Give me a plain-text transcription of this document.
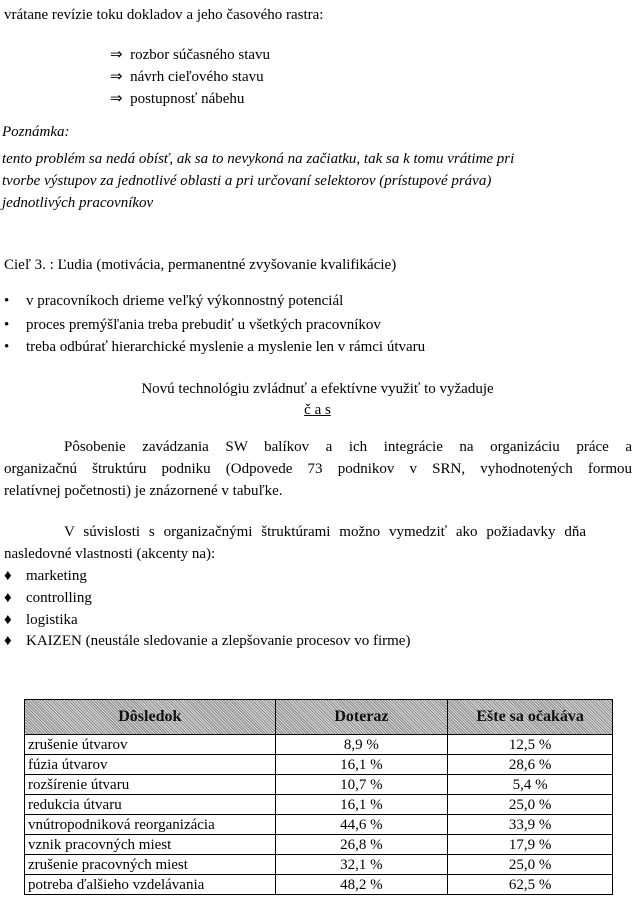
vrátane revízie toku dokladov a jeho časového rastra:
⇒ rozbor súčasného stavu
⇒ návrh cieľového stavu
⇒ postupnosť nábehu
Poznámka:
tento problém sa nedá obísť, ak sa to nevykoná na začiatku, tak sa k tomu vrátime pri
tvorbe výstupov za jednotlivé oblasti a pri určovaní selektorov (prístupové práva)
jednotlivých pracovníkov
Cieľ 3. : Ľudia (motivácia, permanentné zvyšovanie kvalifikácie)
• v pracovníkoch drieme veľký výkonnostný potenciál
• proces premýšľania treba prebudiť u všetkých pracovníkov
• treba odbúrať hierarchické myslenie a myslenie len v rámci útvaru
Novú technológiu zvládnuť a efektívne využiť to vyžaduje
č a s
Pôsobenie zavádzania SW balíkov a ich integrácie na organizáciu práce a
organizačnú štruktúru podniku (Odpovede 73 podnikov v SRN, vyhodnotených formou
relatívnej početnosti) je znázornené v tabuľke.
V súvislosti s organizačnými štruktúrami možno vymedziť ako požiadavky dňa
nasledovné vlastnosti (akcenty na):
♦ marketing
♦ controlling
♦ logistika
♦ KAIZEN (neustále sledovanie a zlepšovanie procesov vo firme)
Dôsledok	Doteraz	Ešte sa očakáva
zrušenie útvarov	8,9 %	12,5 %
fúzia útvarov	16,1 %	28,6 %
rozšírenie útvaru	10,7 %	5,4 %
redukcia útvaru	16,1 %	25,0 %
vnútropodniková reorganizácia	44,6 %	33,9 %
vznik pracovných miest	26,8 %	17,9 %
zrušenie pracovných miest	32,1 %	25,0 %
potreba ďalšieho vzdelávania	48,2 %	62,5 %
